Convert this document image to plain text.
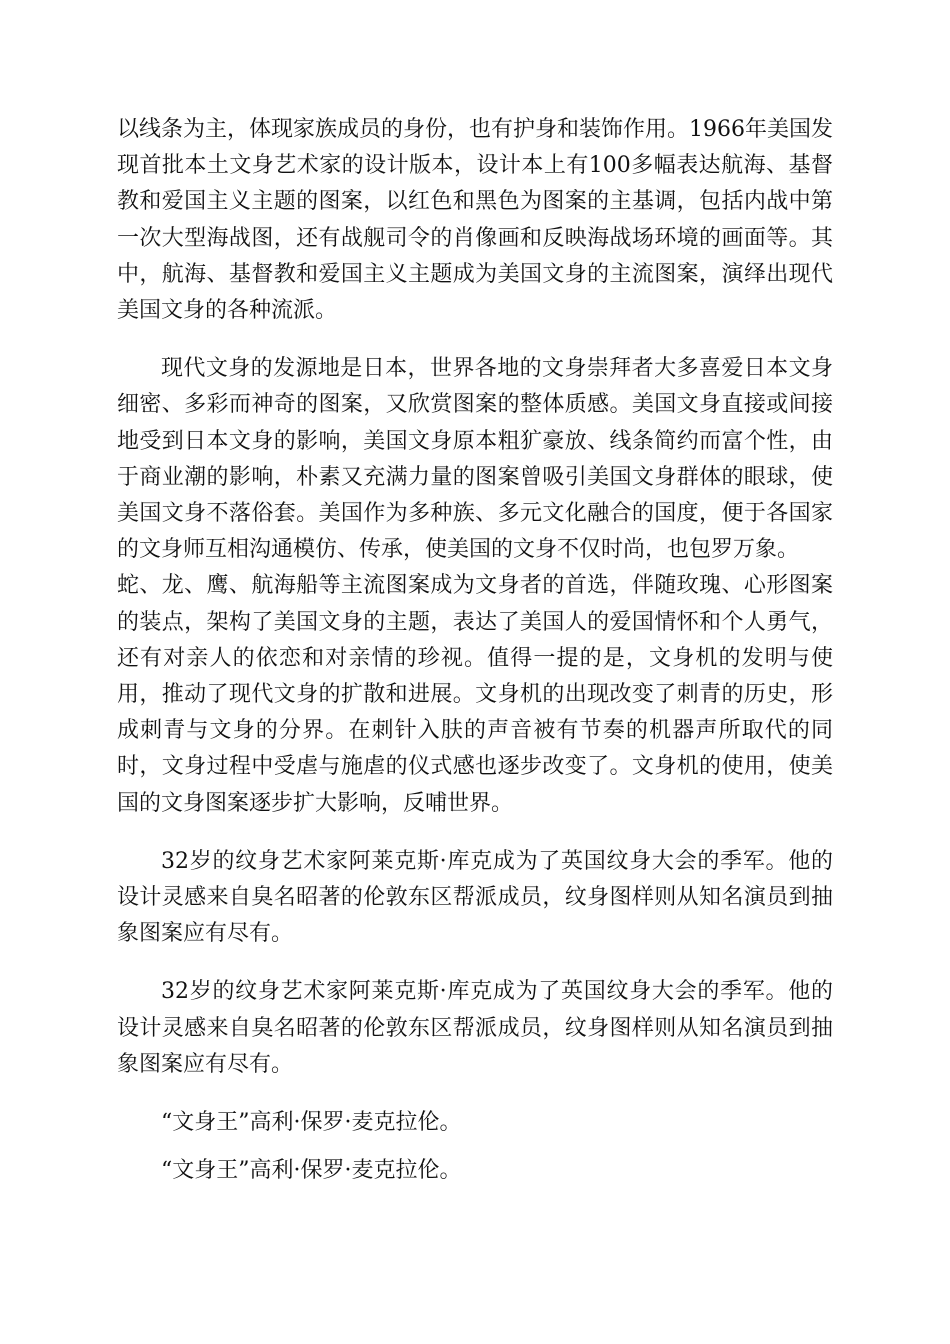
以线条为主，体现家族成员的身份，也有护身和装饰作用。1966年美国发现首批本土文身艺术家的设计版本，设计本上有100多幅表达航海、基督教和爱国主义主题的图案，以红色和黑色为图案的主基调，包括内战中第一次大型海战图，还有战舰司令的肖像画和反映海战场环境的画面等。其中，航海、基督教和爱国主义主题成为美国文身的主流图案，演绎出现代美国文身的各种流派。

现代文身的发源地是日本，世界各地的文身崇拜者大多喜爱日本文身细密、多彩而神奇的图案，又欣赏图案的整体质感。美国文身直接或间接地受到日本文身的影响，美国文身原本粗犷豪放、线条简约而富个性，由于商业潮的影响，朴素又充满力量的图案曾吸引美国文身群体的眼球，使美国文身不落俗套。美国作为多种族、多元文化融合的国度，便于各国家的文身师互相沟通模仿、传承，使美国的文身不仅时尚，也包罗万象。

蛇、龙、鹰、航海船等主流图案成为文身者的首选，伴随玫瑰、心形图案的装点，架构了美国文身的主题，表达了美国人的爱国情怀和个人勇气，还有对亲人的依恋和对亲情的珍视。值得一提的是，文身机的发明与使用，推动了现代文身的扩散和进展。文身机的出现改变了刺青的历史，形成刺青与文身的分界。在刺针入肤的声音被有节奏的机器声所取代的同时，文身过程中受虐与施虐的仪式感也逐步改变了。文身机的使用，使美国的文身图案逐步扩大影响，反哺世界。

32岁的纹身艺术家阿莱克斯·库克成为了英国纹身大会的季军。他的设计灵感来自臭名昭著的伦敦东区帮派成员，纹身图样则从知名演员到抽象图案应有尽有。

32岁的纹身艺术家阿莱克斯·库克成为了英国纹身大会的季军。他的设计灵感来自臭名昭著的伦敦东区帮派成员，纹身图样则从知名演员到抽象图案应有尽有。

“文身王”高利·保罗·麦克拉伦。

“文身王”高利·保罗·麦克拉伦。
